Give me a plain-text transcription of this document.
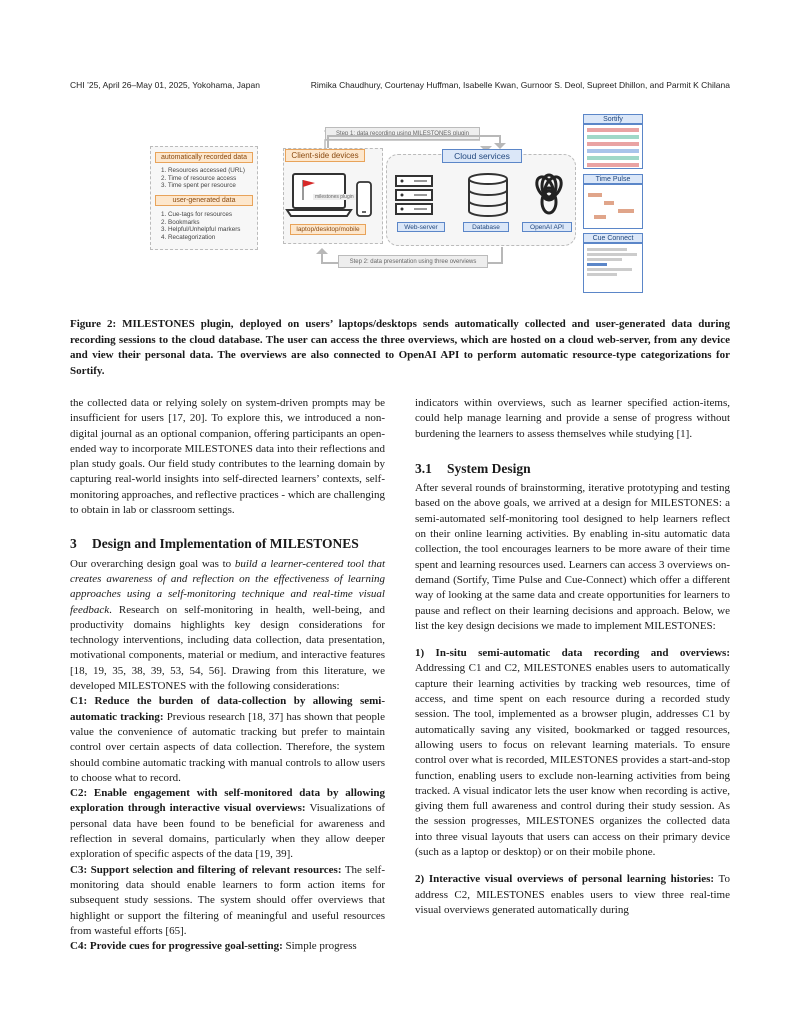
CHI ’25, April 26–May 01, 2025, Yokohama, Japan	Rimika Chaudhury, Courtenay Huffman, Isabelle Kwan, Gurnoor S. Deol, Supreet Dhillon, and Parmit K Chilana
automatically recorded data
1. Resources accessed (URL)
2. Time of resource access
3. Time spent per resource
user-generated data
1. Cue-tags for resources
2. Bookmarks
3. Helpful/Unhelpful markers
4. Recategorization
Step 1: data recording using MILESTONES plugin
Client-side devices
milestones plugin
laptop/desktop/mobile
Cloud services
Web-server	Database	OpenAI API
Step 2: data presentation using three overviews
Sortify
Time Pulse
Cue Connect
Figure 2: MILESTONES plugin, deployed on users’ laptops/desktops sends automatically collected and user-generated data during recording sessions to the cloud database. The user can access the three overviews, which are hosted on a cloud web-server, from any device and view their personal data. The overviews are also connected to OpenAI API to perform automatic resource-type categorizations for Sortify.

the collected data or relying solely on system-driven prompts may be insufficient for users [17, 20]. To explore this, we introduced a non-digital journal as an optional companion, offering participants an open-ended way to incorporate MILESTONES data into their reflections and plan study goals. Our field study contributes to the learning domain by capturing real-world insights into self-directed learners’ contexts, self-monitoring approaches, and reflective practices - which are challenging to obtain in lab or classroom settings.

3 Design and Implementation of MILESTONES

Our overarching design goal was to build a learner-centered tool that creates awareness of and reflection on the effectiveness of learning approaches using a self-monitoring technique and real-time visual feedback. Research on self-monitoring in health, well-being, and productivity domains highlights key design considerations for technology interventions, including data collection, data presentation, motivational components, material or medium, and interactive features [18, 19, 35, 38, 39, 53, 54, 56]. Drawing from this literature, we developed MILESTONES with the following considerations:

C1: Reduce the burden of data-collection by allowing semi-automatic tracking: Previous research [18, 37] has shown that people value the convenience of automatic tracking but prefer to maintain control over certain aspects of data collection. Therefore, the system should combine automatic tracking with manual controls to allow users to choose what to record.

C2: Enable engagement with self-monitored data by allowing exploration through interactive visual overviews: Visualizations of personal data have been found to be beneficial for awareness and reflection in several domains, particularly when they allow deeper exploration of specific aspects of the data [19, 39].

C3: Support selection and filtering of relevant resources: The self-monitoring data should enable learners to form action items for subsequent study sessions. The system should offer overviews that highlight or support the filtering of meaningful and useful resources from wasteful efforts [65].

C4: Provide cues for progressive goal-setting: Simple progress

indicators within overviews, such as learner specified action-items, could help manage learning and provide a sense of progress without burdening the learners to assess themselves while studying [1].

3.1 System Design

After several rounds of brainstorming, iterative prototyping and testing based on the above goals, we arrived at a design for MILESTONES: a semi-automated self-monitoring tool designed to help learners reflect on their online learning activities. By enabling in-situ automatic data collection, the tool encourages learners to be more aware of their time spent and learning resources used. Learners can access 3 overviews on-demand (Sortify, Time Pulse and Cue-Connect) which offer a different way of looking at the same data and create opportunities for learners to pause and reflect on their learning decisions and approach. Below, we list the key design decisions we made to implement MILESTONES:

1) In-situ semi-automatic data recording and overviews: Addressing C1 and C2, MILESTONES enables users to automatically capture their learning activities by tracking web resources, time of access, and time spent on each resource during a recorded study session. The tool, implemented as a browser plugin, addresses C1 by automatically saving any visited, bookmarked or tagged resources, allowing users to focus on relevant learning materials. To ensure control over what is recorded, MILESTONES provides a start-and-stop function, enabling users to exclude non-learning activities from being tracked. A visual indicator lets the user know when recording is active, giving them full awareness and control during their study session. As the session progresses, MILESTONES organizes the collected data into three visual layouts that users can access on their primary device (such as a laptop or desktop) or on their mobile phone.

2) Interactive visual overviews of personal learning histories: To address C2, MILESTONES enables users to view three real-time visual overviews generated automatically during
